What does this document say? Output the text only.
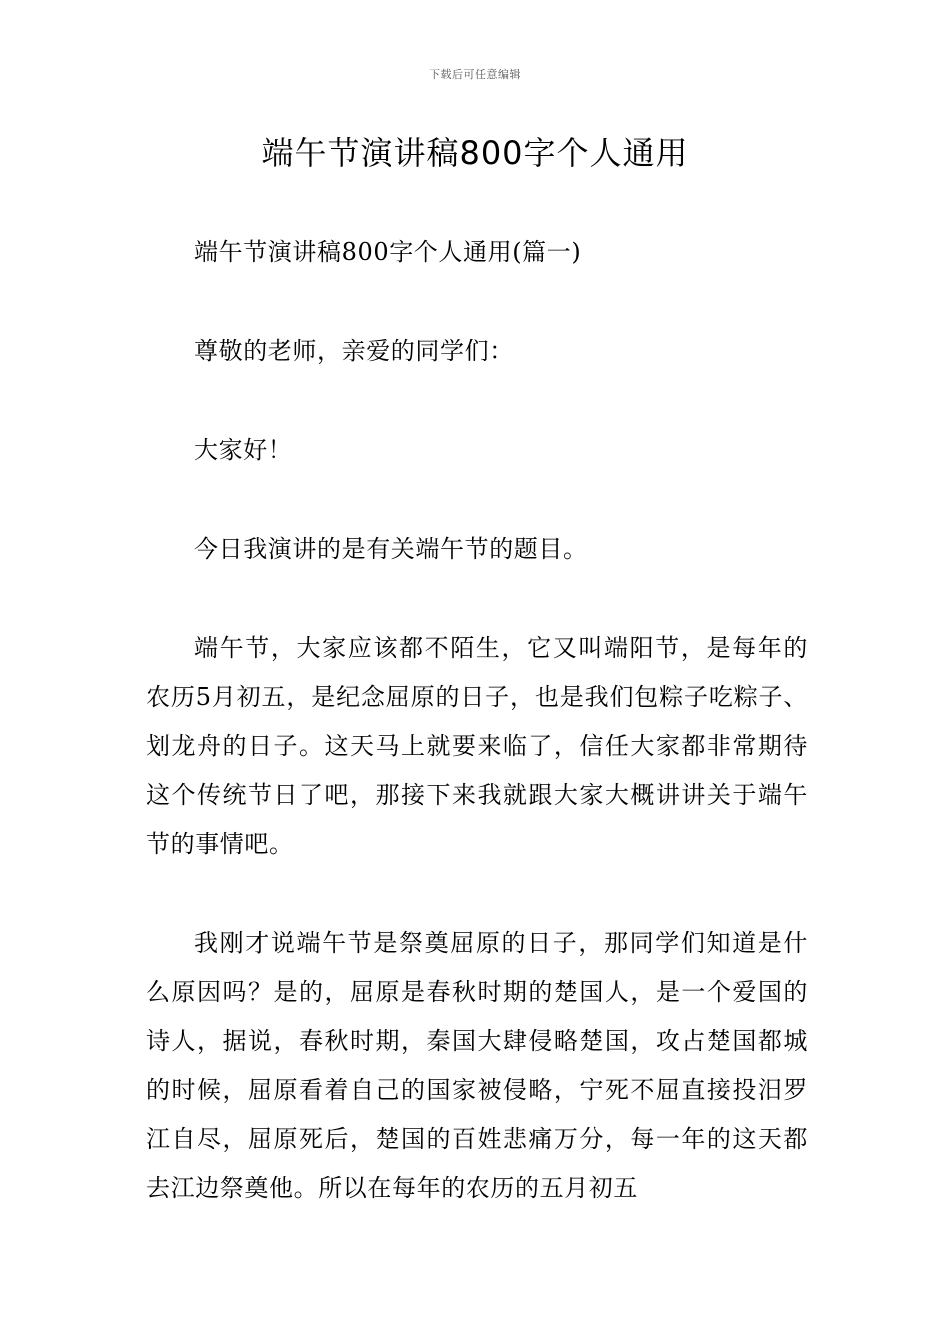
下载后可任意编辑
端午节演讲稿800字个人通用

端午节演讲稿800字个人通用(篇一)

尊敬的老师，亲爱的同学们：

大家好！

今日我演讲的是有关端午节的题目。

端午节，大家应该都不陌生，它又叫端阳节，是每年的农历5月初五，是纪念屈原的日子，也是我们包粽子吃粽子、划龙舟的日子。这天马上就要来临了，信任大家都非常期待这个传统节日了吧，那接下来我就跟大家大概讲讲关于端午节的事情吧。

我刚才说端午节是祭奠屈原的日子，那同学们知道是什么原因吗？是的，屈原是春秋时期的楚国人，是一个爱国的诗人，据说，春秋时期，秦国大肆侵略楚国，攻占楚国都城的时候，屈原看着自己的国家被侵略，宁死不屈直接投汨罗江自尽，屈原死后，楚国的百姓悲痛万分，每一年的这天都去江边祭奠他。所以在每年的农历的五月初五
